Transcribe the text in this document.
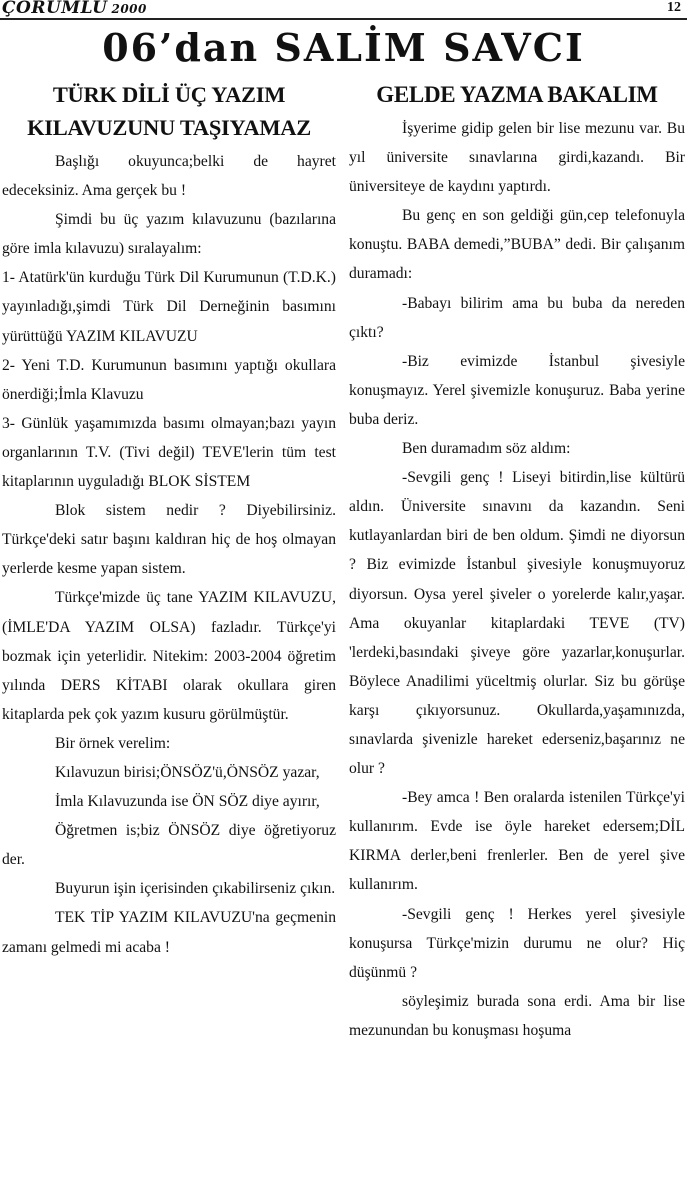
ÇORUMLU 2000	12
06’dan SALİM SAVCI
TÜRK DİLİ ÜÇ YAZIM
KILAVUZUNU TAŞIYAMAZ

Başlığı okuyunca;belki de hayret edeceksiniz. Ama gerçek bu !

Şimdi bu üç yazım kılavuzunu (bazılarına göre imla kılavuzu) sıralayalım:

1- Atatürk'ün kurduğu Türk Dil Kurumunun (T.D.K.) yayınladığı,şimdi Türk Dil Derneğinin basımını yürüttüğü YAZIM KILAVUZU

2- Yeni T.D. Kurumunun basımını yaptığı okullara önerdiği;İmla Klavuzu

3- Günlük yaşamımızda basımı olmayan;bazı yayın organlarının T.V. (Tivi değil) TEVE'lerin tüm test kitaplarının uyguladığı BLOK SİSTEM

Blok sistem nedir ? Diyebilirsiniz. Türkçe'deki satır başını kaldıran hiç de hoş olmayan yerlerde kesme yapan sistem.

Türkçe'mizde üç tane YAZIM KILAVUZU,(İMLE'DA YAZIM OLSA) fazladır. Türkçe'yi bozmak için yeterlidir. Nitekim: 2003-2004 öğretim yılında DERS KİTABI olarak okullara giren kitaplarda pek çok yazım kusuru görülmüştür.

Bir örnek verelim:

Kılavuzun birisi;ÖNSÖZ'ü,ÖNSÖZ yazar,

İmla Kılavuzunda ise ÖN SÖZ diye ayırır,

Öğretmen is;biz ÖNSÖZ diye öğretiyoruz der.

Buyurun işin içerisinden çıkabilirseniz çıkın.

TEK TİP YAZIM KILAVUZU'na geçmenin zamanı gelmedi mi acaba !

GELDE YAZMA BAKALIM

İşyerime gidip gelen bir lise mezunu var. Bu yıl üniversite sınavlarına girdi,kazandı. Bir üniversiteye de kaydını yaptırdı.

Bu genç en son geldiği gün,cep telefonuyla konuştu. BABA demedi,”BUBA” dedi. Bir çalışanım duramadı:

-Babayı bilirim ama bu buba da nereden çıktı?

-Biz evimizde İstanbul şivesiyle konuşmayız. Yerel şivemizle konuşuruz. Baba yerine buba deriz.

Ben duramadım söz aldım:

-Sevgili genç ! Liseyi bitirdin,lise kültürü aldın. Üniversite sınavını da kazandın. Seni kutlayanlardan biri de ben oldum. Şimdi ne diyorsun ? Biz evimizde İstanbul şivesiyle konuşmuyoruz diyorsun. Oysa yerel şiveler o yorelerde kalır,yaşar. Ama okuyanlar kitaplardaki TEVE (TV) 'lerdeki,basındaki şiveye göre yazarlar,konuşurlar. Böylece Anadilimi yüceltmiş olurlar. Siz bu görüşe karşı çıkıyorsunuz. Okullarda,yaşamınızda, sınavlarda şivenizle hareket ederseniz,başarınız ne olur ?

-Bey amca ! Ben oralarda istenilen Türkçe'yi kullanırım. Evde ise öyle hareket edersem;DİL KIRMA derler,beni frenlerler. Ben de yerel şive kullanırım.

-Sevgili genç ! Herkes yerel şivesiyle konuşursa Türkçe'mizin durumu ne olur? Hiç düşünmü ?

söyleşimiz burada sona erdi. Ama bir lise mezunundan bu konuşması hoşuma
